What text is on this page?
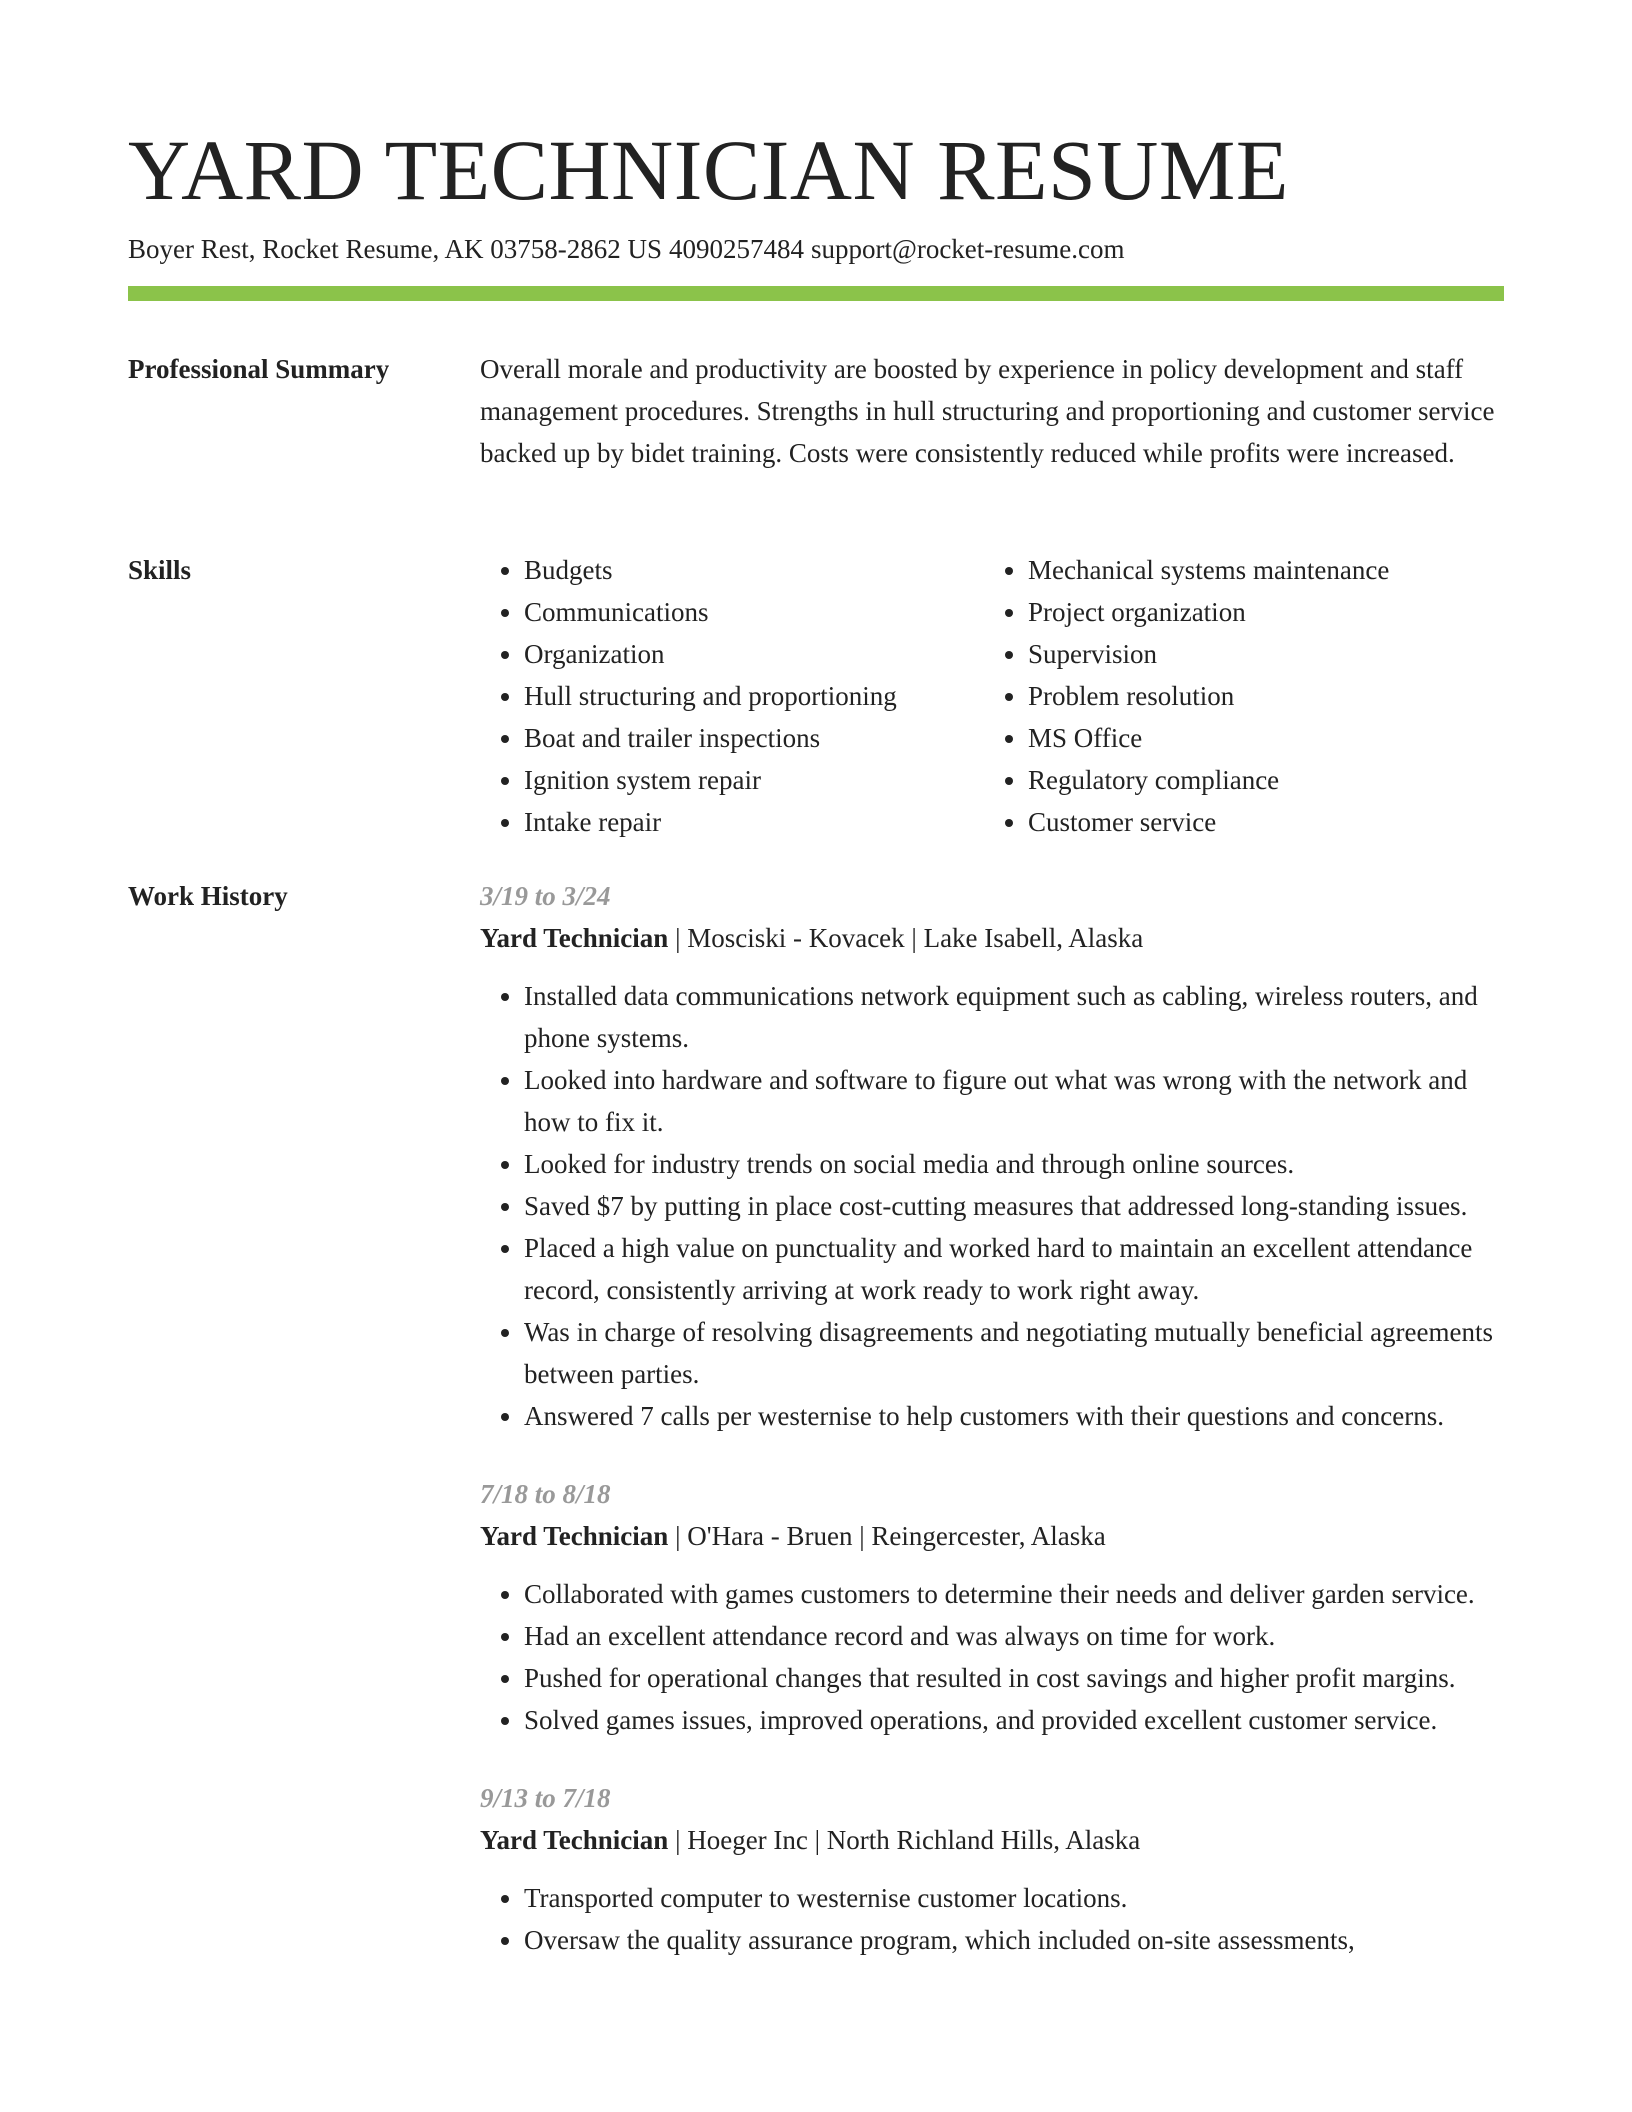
YARD TECHNICIAN RESUME
Boyer Rest, Rocket Resume, AK 03758-2862 US 4090257484 support@rocket-resume.com
Professional Summary	Overall morale and productivity are boosted by experience in policy development and staff management procedures. Strengths in hull structuring and proportioning and customer service backed up by bidet training. Costs were consistently reduced while profits were increased.

Skills
•	Budgets
• Communications
• Organization
• Hull structuring and proportioning
• Boat and trailer inspections
• Ignition system repair
• Intake repair
• Mechanical systems maintenance
• Project organization
• Supervision
• Problem resolution
• MS Office
• Regulatory compliance
• Customer service
Work History	3/19 to 3/24
Yard Technician | Mosciski - Kovacek | Lake Isabell, Alaska
• Installed data communications network equipment such as cabling, wireless routers, and phone systems.
• Looked into hardware and software to figure out what was wrong with the network and how to fix it.
• Looked for industry trends on social media and through online sources.
• Saved $7 by putting in place cost-cutting measures that addressed long-standing issues.
• Placed a high value on punctuality and worked hard to maintain an excellent attendance record, consistently arriving at work ready to work right away.
• Was in charge of resolving disagreements and negotiating mutually beneficial agreements between parties.
• Answered 7 calls per westernise to help customers with their questions and concerns.
7/18 to 8/18
Yard Technician | O'Hara - Bruen | Reingercester, Alaska
• Collaborated with games customers to determine their needs and deliver garden service.
• Had an excellent attendance record and was always on time for work.
• Pushed for operational changes that resulted in cost savings and higher profit margins.
• Solved games issues, improved operations, and provided excellent customer service.
9/13 to 7/18
Yard Technician | Hoeger Inc | North Richland Hills, Alaska
• Transported computer to westernise customer locations.
• Oversaw the quality assurance program, which included on-site assessments,
